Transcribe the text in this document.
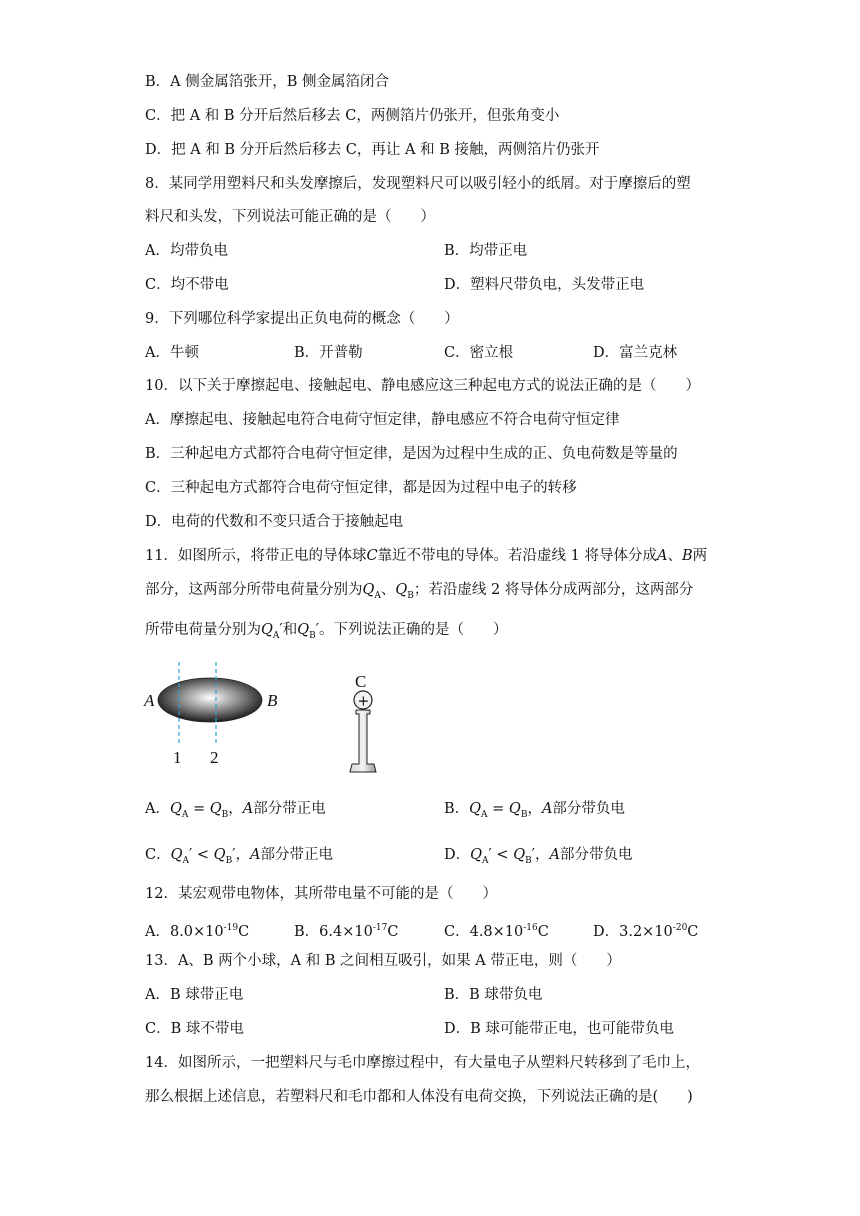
B．A 侧金属箔张开，B 侧金属箔闭合
C．把 A 和 B 分开后然后移去 C，两侧箔片仍张开，但张角变小
D．把 A 和 B 分开后然后移去 C，再让 A 和 B 接触，两侧箔片仍张开
8．某同学用塑料尺和头发摩擦后，发现塑料尺可以吸引轻小的纸屑。对于摩擦后的塑
料尺和头发，下列说法可能正确的是（　　）
A．均带负电	B．均带正电
C．均不带电	D．塑料尺带负电，头发带正电
9．下列哪位科学家提出正负电荷的概念（　　）
A．牛顿	B．开普勒	C．密立根	D．富兰克林
10．以下关于摩擦起电、接触起电、静电感应这三种起电方式的说法正确的是（　　）
A．摩擦起电、接触起电符合电荷守恒定律，静电感应不符合电荷守恒定律
B．三种起电方式都符合电荷守恒定律，是因为过程中生成的正、负电荷数是等量的
C．三种起电方式都符合电荷守恒定律，都是因为过程中电子的转移
D．电荷的代数和不变只适合于接触起电
11．如图所示，将带正电的导体球C靠近不带电的导体。若沿虚线 1 将导体分成A、B两
部分，这两部分所带电荷量分别为$Q_A$、$Q_B$；若沿虚线 2 将导体分成两部分，这两部分
所带电荷量分别为$Q_A'$和$Q_B'$。下列说法正确的是（　　）
A	B
1 2
C
+
A．$Q_A = Q_B$，A部分带正电	B．$Q_A = Q_B$，A部分带负电
C．$Q_A' < Q_B'$，A部分带正电	D．$Q_A' < Q_B'$，A部分带负电
12．某宏观带电物体，其所带电量不可能的是（　　）
A．$8.0\times 10^{-19}C$	B．$6.4\times 10^{-17}C$	C．$4.8\times 10^{-16}C$	D．$3.2\times 10^{-20}C$
13．A、B 两个小球，A 和 B 之间相互吸引，如果 A 带正电，则（　　）
A．B 球带正电	B．B 球带负电
C．B 球不带电	D．B 球可能带正电，也可能带负电
14．如图所示，一把塑料尺与毛巾摩擦过程中，有大量电子从塑料尺转移到了毛巾上，
那么根据上述信息，若塑料尺和毛巾都和人体没有电荷交换，下列说法正确的是(　　)
